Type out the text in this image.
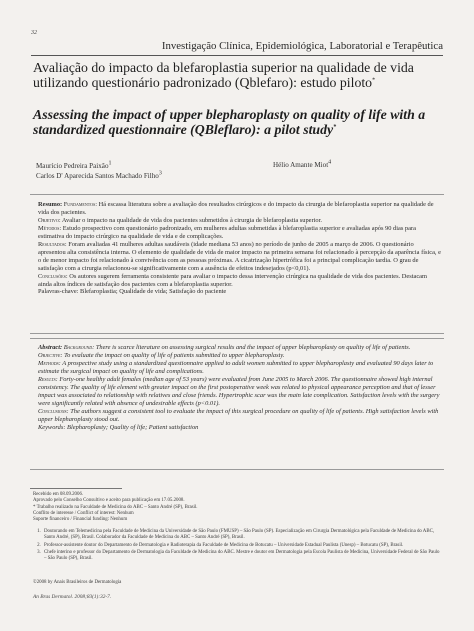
32
Investigação Clínica, Epidemiológica, Laboratorial e Terapêutica
Avaliação do impacto da blefaroplastia superior na qualidade de vida utilizando questionário padronizado (Qblefaro): estudo piloto*
Assessing the impact of upper blepharoplasty on quality of life with a standardized questionnaire (QBleflaro): a pilot study*
Maurício Pedreira Paixão$^1$
Carlos D' Aparecida Santos Machado Filho$^3$
Hélio Amante Miot$^4$

Resumo: Fundamentos: Há escassa literatura sobre a avaliação dos resultados cirúrgicos e do impacto da cirurgia de blefaroplastia superior na qualidade de vida dos pacientes.

Objetivo: Avaliar o impacto na qualidade de vida dos pacientes submetidos à cirurgia de blefaroplastia superior.

Métodos: Estudo prospectivo com questionário padronizado, em mulheres adultas submetidas à blefaroplastia superior e avaliadas após 90 dias para estimativa do impacto cirúrgico na qualidade de vida e de complicações.

Resultados: Foram avaliadas 41 mulheres adultas saudáveis (idade mediana 53 anos) no período de junho de 2005 a março de 2006. O questionário apresentou alta consistência interna. O elemento de qualidade de vida de maior impacto na primeira semana foi relacionado à percepção da aparência física, e o de menor impacto foi relacionado à convivência com as pessoas próximas. A cicatrização hipertrófica foi a principal complicação tardia. O grau de satisfação com a cirurgia relacionou-se significativamente com a ausência de efeitos indesejados (p<0,01).

Conclusões: Os autores sugerem ferramenta consistente para avaliar o impacto dessa intervenção cirúrgica na qualidade de vida dos pacientes. Destacam ainda altos índices de satisfação dos pacientes com a blefaroplastia superior.

Palavras-chave: Blefaroplastia; Qualidade de vida; Satisfação do paciente

Abstract: Background: There is scarce literature on assessing surgical results and the impact of upper blepharoplasty on quality of life of patients.

Objective: To evaluate the impact on quality of life of patients submitted to upper blepharoplasty.

Methods: A prospective study using a standardized questionnaire applied to adult women submitted to upper blepharoplasty and evaluated 90 days later to estimate the surgical impact on quality of life and complications.

Results: Forty-one healthy adult females (median age of 53 years) were evaluated from June 2005 to March 2006. The questionnaire showed high internal consistency. The quality of life element with greater impact on the first postoperative week was related to physical appearance perception and that of lesser impact was associated to relationship with relatives and close friends. Hypertrophic scar was the main late complication. Satisfaction levels with the surgery were significantly related with absence of undesirable effects (p<0.01).

Conclusions: The authors suggest a consistent tool to evaluate the impact of this surgical procedure on quality of life of patients. High satisfaction levels with upper blepharoplasty stood out.

Keywords: Blepharoplasty; Quality of life; Patient satisfaction

Recebido em 08.09.2006.

Aprovado pelo Conselho Consultivo e aceito para publicação em 17.05.2008.

* Trabalho realizado na Faculdade de Medicina do ABC – Santo André (SP), Brasil.

Conflito de interesse / Conflict of interest: Nenhum

Suporte financeiro / Financial funding: Nenhum

1. Doutorando em Telemedicina pela Faculdade de Medicina da Universidade de São Paulo (FMUSP) – São Paulo (SP). Especialização em Cirurgia Dermatológica pela Faculdade de Medicina do ABC, Santo André, (SP), Brasil. Colaborador da Faculdade de Medicina do ABC – Santo André (SP), Brasil.
2. Professor-assistente doutor do Departamento de Dermatologia e Radioterapia da Faculdade de Medicina de Botucatu – Universidade Estadual Paulista (Unesp) – Botucatu (SP), Brasil.
3. Chefe interino e professor do Departamento de Dermatologia da Faculdade de Medicina do ABC. Mestre e doutor em Dermatologia pela Escola Paulista de Medicina, Universidade Federal de São Paulo – São Paulo (SP), Brasil.
©2008 by Anais Brasileiros de Dermatologia
An Bras Dermatol. 2008;83(1):32-7.
